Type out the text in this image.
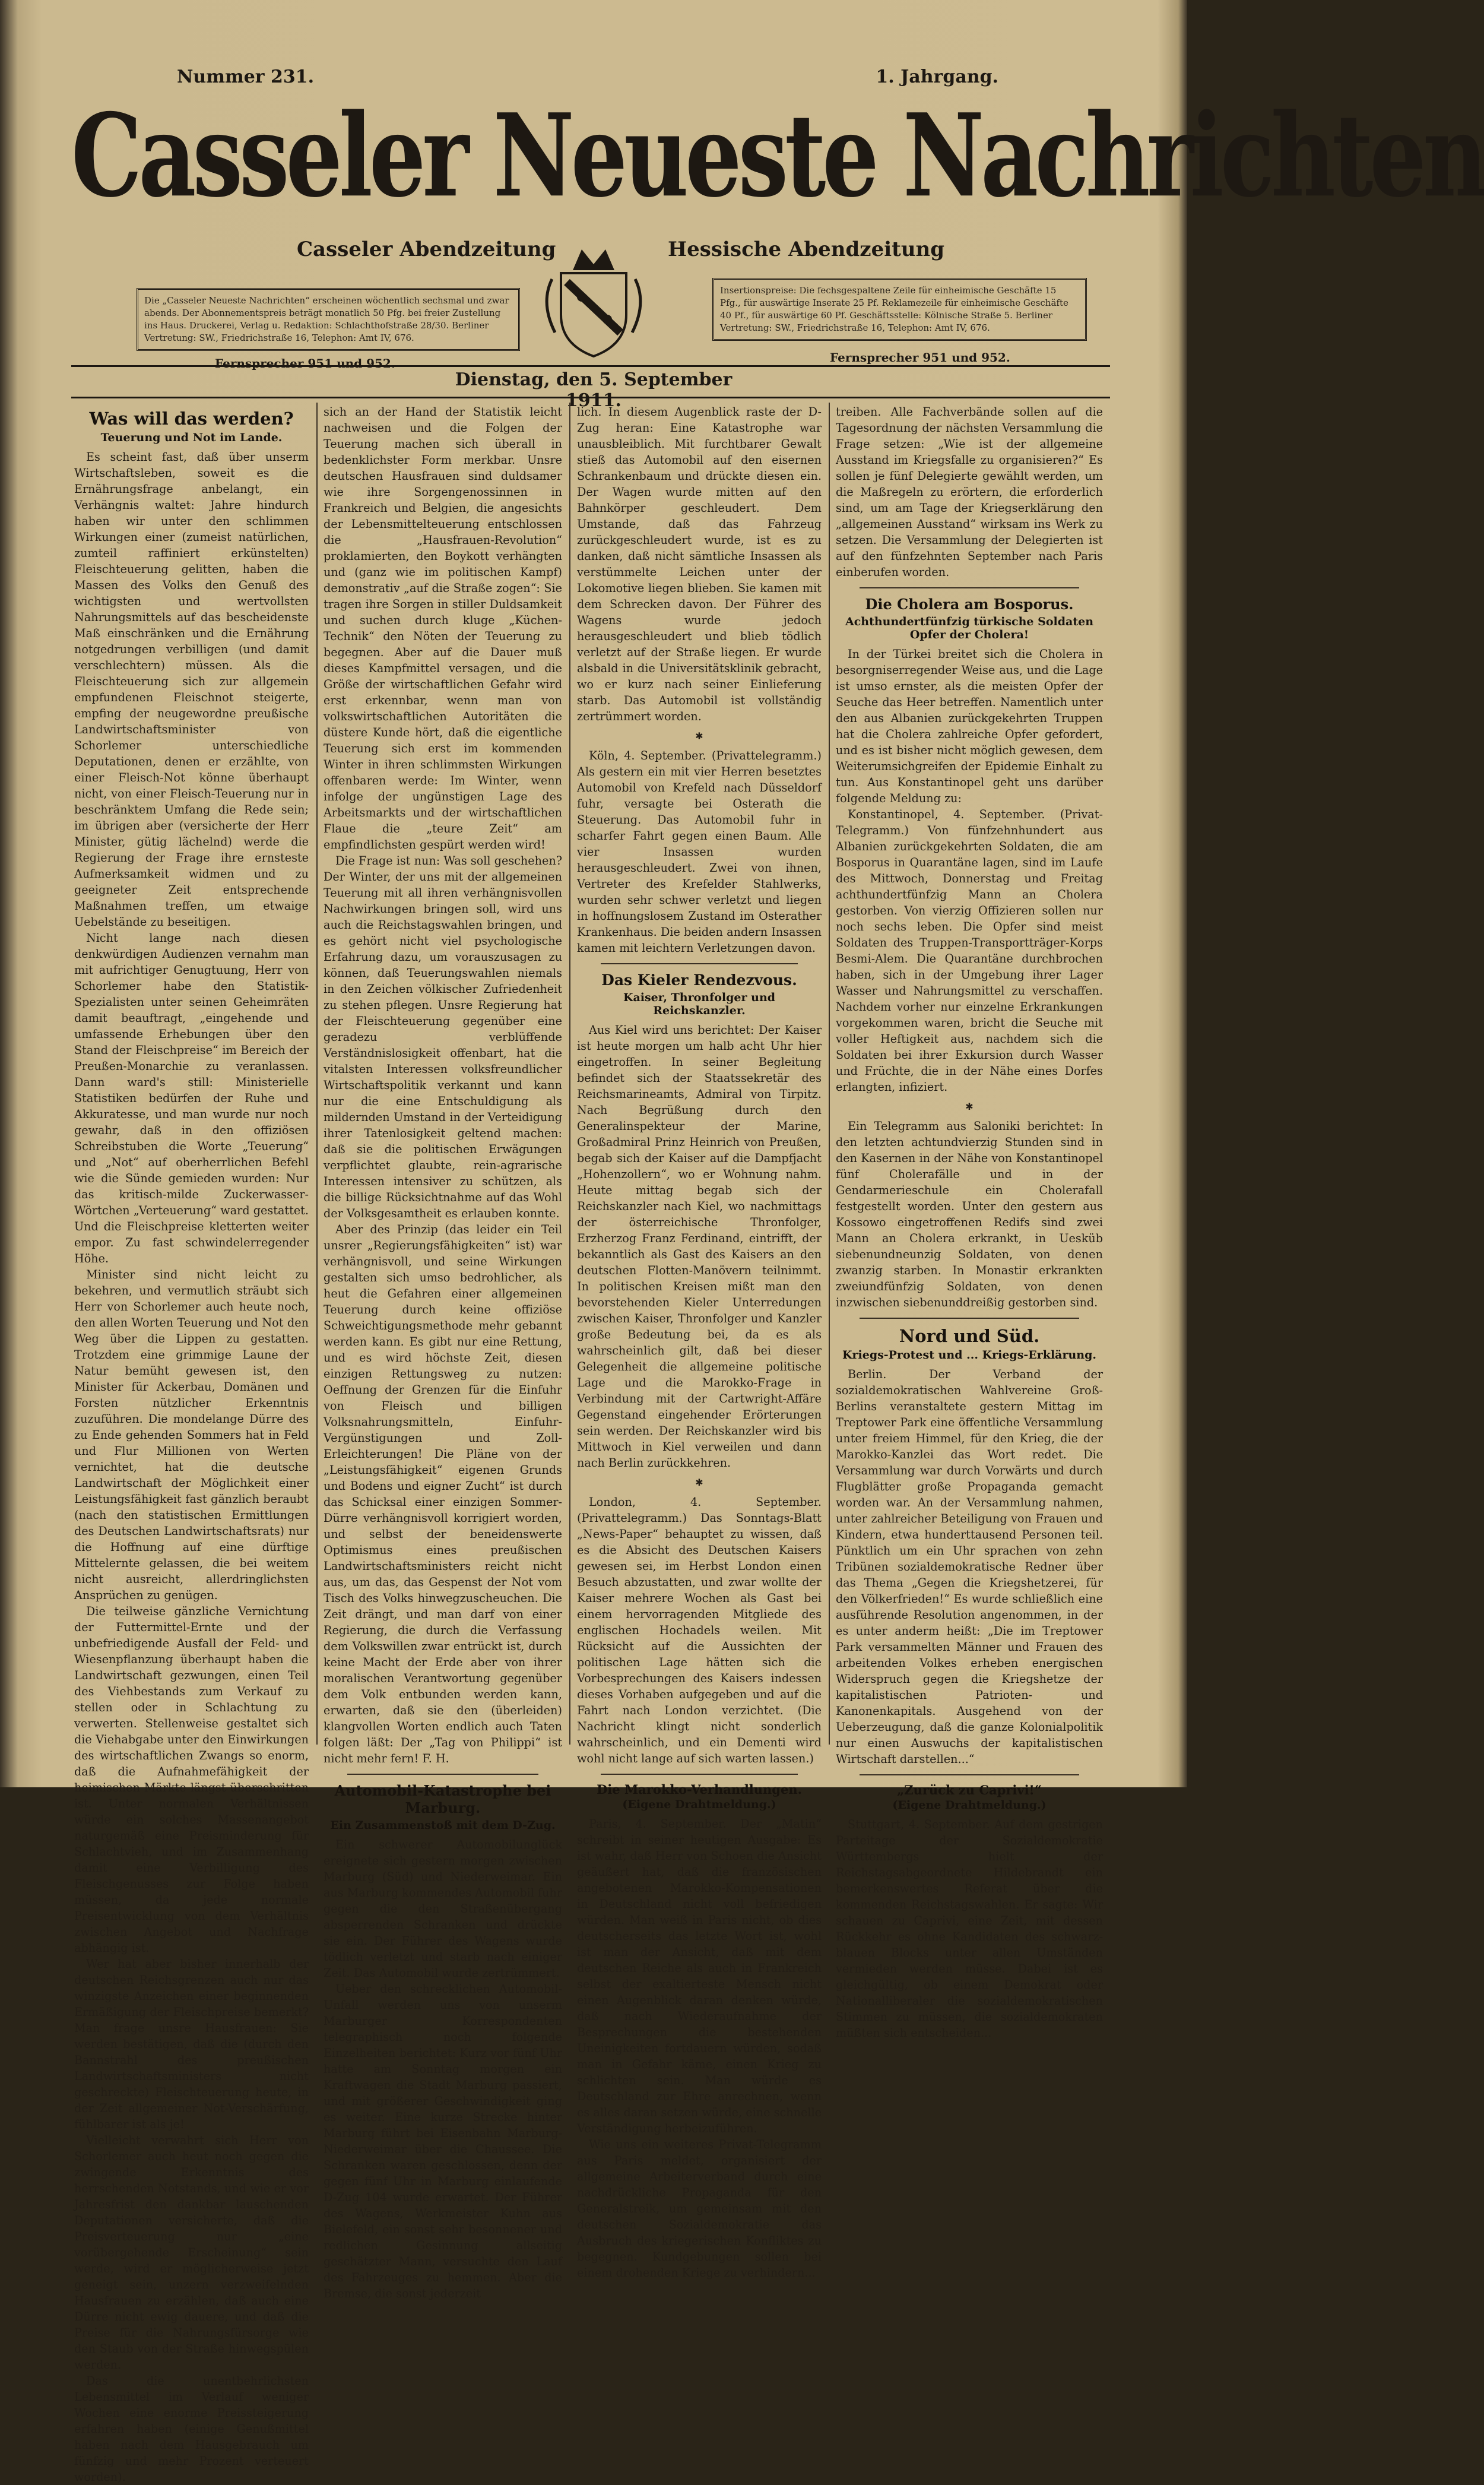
Nummer 231.	1. Jahrgang.
Casseler Neueste Nachrichten
Casseler Abendzeitung	Hessische Abendzeitung
Die „Casseler Neueste Nachrichten“ erscheinen wöchentlich sechsmal und zwar abends. Der Abonnementspreis beträgt monatlich 50 Pfg. bei freier Zustellung ins Haus. Druckerei, Verlag u. Redaktion: Schlachthofstraße 28/30. Berliner Vertretung: SW., Friedrichstraße 16, Telephon: Amt IV, 676.
Insertionspreise: Die fechsgespaltene Zeile für einheimische Geschäfte 15 Pfg., für auswärtige Inserate 25 Pf. Reklamezeile für einheimische Geschäfte 40 Pf., für auswärtige 60 Pf. Geschäftsstelle: Kölnische Straße 5. Berliner Vertretung: SW., Friedrichstraße 16, Telephon: Amt IV, 676.
Fernsprecher 951 und 952.	Fernsprecher 951 und 952.
Dienstag, den 5. September 1911.
Was will das werden?
Teuerung und Not im Lande.

Es scheint fast, daß über unserm Wirtschaftsleben, soweit es die Ernährungsfrage anbelangt, ein Verhängnis waltet: Jahre hindurch haben wir unter den schlimmen Wirkungen einer (zumeist natürlichen, zumteil raffiniert erkünstelten) Fleischteuerung gelitten, haben die Massen des Volks den Genuß des wichtigsten und wertvollsten Nahrungsmittels auf das bescheidenste Maß einschränken und die Ernährung notgedrungen verbilligen (und damit verschlechtern) müssen. Als die Fleischteuerung sich zur allgemein empfundenen Fleischnot steigerte, empfing der neugewordne preußische Landwirtschaftsminister von Schorlemer unterschiedliche Deputationen, denen er erzählte, von einer Fleisch-Not könne überhaupt nicht, von einer Fleisch-Teuerung nur in beschränktem Umfang die Rede sein; im übrigen aber (versicherte der Herr Minister, gütig lächelnd) werde die Regierung der Frage ihre ernsteste Aufmerksamkeit widmen und zu geeigneter Zeit entsprechende Maßnahmen treffen, um etwaige Uebelstände zu beseitigen.

Nicht lange nach diesen denkwürdigen Audienzen vernahm man mit aufrichtiger Genugtuung, Herr von Schorlemer habe den Statistik-Spezialisten unter seinen Geheimräten damit beauftragt, „eingehende und umfassende Erhebungen über den Stand der Fleischpreise“ im Bereich der Preußen-Monarchie zu veranlassen. Dann ward's still: Ministerielle Statistiken bedürfen der Ruhe und Akkuratesse, und man wurde nur noch gewahr, daß in den offiziösen Schreibstuben die Worte „Teuerung“ und „Not“ auf oberherrlichen Befehl wie die Sünde gemieden wurden: Nur das kritisch-milde Zuckerwasser-Wörtchen „Verteuerung“ ward gestattet. Und die Fleischpreise kletterten weiter empor. Zu fast schwindelerregender Höhe.

Minister sind nicht leicht zu bekehren, und vermutlich sträubt sich Herr von Schorlemer auch heute noch, den allen Worten Teuerung und Not den Weg über die Lippen zu gestatten. Trotzdem eine grimmige Laune der Natur bemüht gewesen ist, den Minister für Ackerbau, Domänen und Forsten nützlicher Erkenntnis zuzuführen. Die mondelange Dürre des zu Ende gehenden Sommers hat in Feld und Flur Millionen von Werten vernichtet, hat die deutsche Landwirtschaft der Möglichkeit einer Leistungsfähigkeit fast gänzlich beraubt (nach den statistischen Ermittlungen des Deutschen Landwirtschaftsrats) nur die Hoffnung auf eine dürftige Mittelernte gelassen, die bei weitem nicht ausreicht, allerdringlichsten Ansprüchen zu genügen.

Die teilweise gänzliche Vernichtung der Futtermittel-Ernte und der unbefriedigende Ausfall der Feld- und Wiesenpflanzung überhaupt haben die Landwirtschaft gezwungen, einen Teil des Viehbestands zum Verkauf zu stellen oder in Schlachtung zu verwerten. Stellenweise gestaltet sich die Viehabgabe unter den Einwirkungen des wirtschaftlichen Zwangs so enorm, daß die Aufnahmefähigkeit der heimischen Märkte längst überschritten ist. Unter normalen Verhältnissen würde ein solches Massenangebot naturgemäß eine Preisminderung für Schlachtvieh, und im Zusammenhang damit eine Verbilligung des Fleischgenusses zur Folge haben müssen, da jede normale Preisentwicklung von dem Verhältnis zwischen Angebot und Nachfrage abhängig ist.

Wer hat aber bisher innerhalb der deutschen Reichsgrenzen auch nur das winzigste Anzeichen einer beginnenden Ermäßigung der Fleischpreise bemerkt? Man frage unsre Hausfrauen: Sie werden bestätigen, daß die (durch den Bannstrahl des preußischen Landwirtschaftsministers nicht geschreckte) Fleischteuerung heute, in der Zeit allgemeiner Not-Verschärfung, fühlbarer ist als je!

Vielleicht verwahrt sich Herr von Schorlemer auch heut noch gegen die zwingende Erkenntnis des herrschenden Notstands, und wie er vor Jahresfrist den dankbar lauschenden Deputationen versicherte, daß die Preisverteuerung nur „eine vorübergehende Erscheinung“ sein werde, wird er möglicherweise jetzt geneigt sein, unzern verzweifelnden Hausfrauen zu erzählen, daß auch eine Dürre nicht ewig dauere, und daß die Preise für die Nahrungsfürsorge wie den Staub von der Straße hinwegspülen werden.

Das die unentbehrlichsten Lebensmittel im Verlauf weniger Wochen eine enorme Preissteigerung erfahren haben (einige Genußmittel haben nach dem Hausgebrauch um fünfzig und mehr Prozent verteuert worden).

sich an der Hand der Statistik leicht nachweisen und die Folgen der Teuerung machen sich überall in bedenklichster Form merkbar. Unsre deutschen Hausfrauen sind duldsamer wie ihre Sorgengenossinnen in Frankreich und Belgien, die angesichts der Lebensmittelteuerung entschlossen die „Hausfrauen-Revolution“ proklamierten, den Boykott verhängten und (ganz wie im politischen Kampf) demonstrativ „auf die Straße zogen“: Sie tragen ihre Sorgen in stiller Duldsamkeit und suchen durch kluge „Küchen-Technik“ den Nöten der Teuerung zu begegnen. Aber auf die Dauer muß dieses Kampfmittel versagen, und die Größe der wirtschaftlichen Gefahr wird erst erkennbar, wenn man von volkswirtschaftlichen Autoritäten die düstere Kunde hört, daß die eigentliche Teuerung sich erst im kommenden Winter in ihren schlimmsten Wirkungen offenbaren werde: Im Winter, wenn infolge der ungünstigen Lage des Arbeitsmarkts und der wirtschaftlichen Flaue die „teure Zeit“ am empfindlichsten gespürt werden wird!

Die Frage ist nun: Was soll geschehen? Der Winter, der uns mit der allgemeinen Teuerung mit all ihren verhängnisvollen Nachwirkungen bringen soll, wird uns auch die Reichstagswahlen bringen, und es gehört nicht viel psychologische Erfahrung dazu, um vorauszusagen zu können, daß Teuerungswahlen niemals in den Zeichen völkischer Zufriedenheit zu stehen pflegen. Unsre Regierung hat der Fleischteuerung gegenüber eine geradezu verblüffende Verständnislosigkeit offenbart, hat die vitalsten Interessen volksfreundlicher Wirtschaftspolitik verkannt und kann nur die eine Entschuldigung als mildernden Umstand in der Verteidigung ihrer Tatenlosigkeit geltend machen: daß sie die politischen Erwägungen verpflichtet glaubte, rein-agrarische Interessen intensiver zu schützen, als die billige Rücksichtnahme auf das Wohl der Volksgesamtheit es erlauben konnte.

Aber des Prinzip (das leider ein Teil unsrer „Regierungsfähigkeiten“ ist) war verhängnisvoll, und seine Wirkungen gestalten sich umso bedrohlicher, als heut die Gefahren einer allgemeinen Teuerung durch keine offiziöse Schweichtigungsmethode mehr gebannt werden kann. Es gibt nur eine Rettung, und es wird höchste Zeit, diesen einzigen Rettungsweg zu nutzen: Oeffnung der Grenzen für die Einfuhr von Fleisch und billigen Volksnahrungsmitteln, Einfuhr-Vergünstigungen und Zoll-Erleichterungen! Die Pläne von der „Leistungsfähigkeit“ eigenen Grunds und Bodens und eigner Zucht“ ist durch das Schicksal einer einzigen Sommer-Dürre verhängnisvoll korrigiert worden, und selbst der beneidenswerte Optimismus eines preußischen Landwirtschaftsministers reicht nicht aus, um das, das Gespenst der Not vom Tisch des Volks hinwegzuscheuchen. Die Zeit drängt, und man darf von einer Regierung, die durch die Verfassung dem Volkswillen zwar entrückt ist, durch keine Macht der Erde aber von ihrer moralischen Verantwortung gegenüber dem Volk entbunden werden kann, erwarten, daß sie den (überleiden) klangvollen Worten endlich auch Taten folgen läßt: Der „Tag von Philippi“ ist nicht mehr fern! F. H.

Automobil-Katastrophe bei Marburg.
Ein Zusammenstoß mit dem D-Zug.

Ein schwerer Automobilunglück ereignete sich gestern morgen zwischen Marburg (Süd) und Niederweimar. Ein aus Marburg kommendes Automobil fuhr gegen die den Straßenübergang absperrenden Schranken und drückte sie ein. Der Führer des Wagens wurde tödlich verletzt und starb nach einiger Zeit. Das Automobil wurde zertrümmert.

Ueber den schrecklichen Automobil-Unfall werden uns von unserm Marburger Korrespondenten telegraphisch noch folgende Einzelheiten berichtet: Kurz vor fünf Uhr hatte am Sonntag morgen ein Kraftwagen die Stadt Marburg passiert, und mit größerer Geschwindigkeit ging es weiter. Eine kurze Strecke hinter Marburg führt bei Eisenbahn Marburg-Niederweimar über die Chaussee. Die Schranken waren geschlossen, denn der gegen fünf Uhr in Marburg einlaufende D-Zug 104 wurde erwartet. Der Führer des Wagens, Werkmeister Kuhn aus Bielefeld, ein sonst sehr besonnener und redlichen Gesinnung allseitig geschätzter Mann, versuchte den Lauf des Fahrzeuges zu hemmen. Aber die Bremse, die sonst jederzeit

lich. In diesem Augenblick raste der D-Zug heran: Eine Katastrophe war unausbleiblich. Mit furchtbarer Gewalt stieß das Automobil auf den eisernen Schrankenbaum und drückte diesen ein. Der Wagen wurde mitten auf den Bahnkörper geschleudert. Dem Umstande, daß das Fahrzeug zurückgeschleudert wurde, ist es zu danken, daß nicht sämtliche Insassen als verstümmelte Leichen unter der Lokomotive liegen blieben. Sie kamen mit dem Schrecken davon. Der Führer des Wagens wurde jedoch herausgeschleudert und blieb tödlich verletzt auf der Straße liegen. Er wurde alsbald in die Universitätsklinik gebracht, wo er kurz nach seiner Einlieferung starb. Das Automobil ist vollständig zertrümmert worden.

✱

Köln, 4. September. (Privattelegramm.) Als gestern ein mit vier Herren besetztes Automobil von Krefeld nach Düsseldorf fuhr, versagte bei Osterath die Steuerung. Das Automobil fuhr in scharfer Fahrt gegen einen Baum. Alle vier Insassen wurden herausgeschleudert. Zwei von ihnen, Vertreter des Krefelder Stahlwerks, wurden sehr schwer verletzt und liegen in hoffnungslosem Zustand im Osterather Krankenhaus. Die beiden andern Insassen kamen mit leichtern Verletzungen davon.

Das Kieler Rendezvous.
Kaiser, Thronfolger und Reichskanzler.

Aus Kiel wird uns berichtet: Der Kaiser ist heute morgen um halb acht Uhr hier eingetroffen. In seiner Begleitung befindet sich der Staatssekretär des Reichsmarineamts, Admiral von Tirpitz. Nach Begrüßung durch den Generalinspekteur der Marine, Großadmiral Prinz Heinrich von Preußen, begab sich der Kaiser auf die Dampfjacht „Hohenzollern“, wo er Wohnung nahm. Heute mittag begab sich der Reichskanzler nach Kiel, wo nachmittags der österreichische Thronfolger, Erzherzog Franz Ferdinand, eintrifft, der bekanntlich als Gast des Kaisers an den deutschen Flotten-Manövern teilnimmt. In politischen Kreisen mißt man den bevorstehenden Kieler Unterredungen zwischen Kaiser, Thronfolger und Kanzler große Bedeutung bei, da es als wahrscheinlich gilt, daß bei dieser Gelegenheit die allgemeine politische Lage und die Marokko-Frage in Verbindung mit der Cartwright-Affäre Gegenstand eingehender Erörterungen sein werden. Der Reichskanzler wird bis Mittwoch in Kiel verweilen und dann nach Berlin zurückkehren.

✱

London, 4. September. (Privattelegramm.) Das Sonntags-Blatt „News-Paper“ behauptet zu wissen, daß es die Absicht des Deutschen Kaisers gewesen sei, im Herbst London einen Besuch abzustatten, und zwar wollte der Kaiser mehrere Wochen als Gast bei einem hervorragenden Mitgliede des englischen Hochadels weilen. Mit Rücksicht auf die Aussichten der politischen Lage hätten sich die Vorbesprechungen des Kaisers indessen dieses Vorhaben aufgegeben und auf die Fahrt nach London verzichtet. (Die Nachricht klingt nicht sonderlich wahrscheinlich, und ein Dementi wird wohl nicht lange auf sich warten lassen.)

Die Marokko-Verhandlungen.
(Eigene Drahtmeldung.)

Paris, 4. September. Der „Matin“ schreibt in seiner heutigen Ausgabe: Es ist wahr, daß Herr von Schoen die Ansicht geäußert hat, daß die französischen angebotenen Marokko-Kompensationen in Deutschland nicht voll befriedigen würden. Man weiß in Paris nicht, ob dies deutscherseits das letzte Wort ist, wohl ist man der Ansicht, daß mit dem deutschen Reiche als auch in Frankreich selbst der exaltierteste Mensch nicht einen Augenblick daran denken würde, daß nach Wiederaufnahme der Besprechungen die bestehenden Uneinigkeiten fortdauern würden, sodaß man in Gefahr käme, einen Krieg zu schlichten sein. Man würde es Deutschland zur Ehre anrechnen, wenn es alles daran setzen würde, eine schnelle Verständigung herbeizuführen.

Wie uns ein weiteres Privat-Telegramm aus Paris meldet, organisiert der allgemeine Arbeiterverband durch eine nachdrückliche Propaganda für den Generalstreik, um gemeinsam mit den deutschen Sozialdemokratie das Ausbruch des kriegerischen Konfliktes zu begegnen. Kundgebungen sollen bei einem drohenden Kriege zu verhindern...

treiben. Alle Fachverbände sollen auf die Tagesordnung der nächsten Versammlung die Frage setzen: „Wie ist der allgemeine Ausstand im Kriegsfalle zu organisieren?“ Es sollen je fünf Delegierte gewählt werden, um die Maßregeln zu erörtern, die erforderlich sind, um am Tage der Kriegserklärung den „allgemeinen Ausstand“ wirksam ins Werk zu setzen. Die Versammlung der Delegierten ist auf den fünfzehnten September nach Paris einberufen worden.

Die Cholera am Bosporus.
Achthundertfünfzig türkische Soldaten Opfer der Cholera!

In der Türkei breitet sich die Cholera in besorgniserregender Weise aus, und die Lage ist umso ernster, als die meisten Opfer der Seuche das Heer betreffen. Namentlich unter den aus Albanien zurückgekehrten Truppen hat die Cholera zahlreiche Opfer gefordert, und es ist bisher nicht möglich gewesen, dem Weiterumsichgreifen der Epidemie Einhalt zu tun. Aus Konstantinopel geht uns darüber folgende Meldung zu:

Konstantinopel, 4. September. (Privat-Telegramm.) Von fünfzehnhundert aus Albanien zurückgekehrten Soldaten, die am Bosporus in Quarantäne lagen, sind im Laufe des Mittwoch, Donnerstag und Freitag achthundertfünfzig Mann an Cholera gestorben. Von vierzig Offizieren sollen nur noch sechs leben. Die Opfer sind meist Soldaten des Truppen-Transportträger-Korps Besmi-Alem. Die Quarantäne durchbrochen haben, sich in der Umgebung ihrer Lager Wasser und Nahrungsmittel zu verschaffen. Nachdem vorher nur einzelne Erkrankungen vorgekommen waren, bricht die Seuche mit voller Heftigkeit aus, nachdem sich die Soldaten bei ihrer Exkursion durch Wasser und Früchte, die in der Nähe eines Dorfes erlangten, infiziert.

✱

Ein Telegramm aus Saloniki berichtet: In den letzten achtundvierzig Stunden sind in den Kasernen in der Nähe von Konstantinopel fünf Cholerafälle und in der Gendarmerieschule ein Cholerafall festgestellt worden. Unter den gestern aus Kossowo eingetroffenen Redifs sind zwei Mann an Cholera erkrankt, in Uesküb siebenundneunzig Soldaten, von denen zwanzig starben. In Monastir erkrankten zweiundfünfzig Soldaten, von denen inzwischen siebenunddreißig gestorben sind.

Nord und Süd.
Kriegs-Protest und ... Kriegs-Erklärung.

Berlin. Der Verband der sozialdemokratischen Wahlvereine Groß-Berlins veranstaltete gestern Mittag im Treptower Park eine öffentliche Versammlung unter freiem Himmel, für den Krieg, die der Marokko-Kanzlei das Wort redet. Die Versammlung war durch Vorwärts und durch Flugblätter große Propaganda gemacht worden war. An der Versammlung nahmen, unter zahlreicher Beteiligung von Frauen und Kindern, etwa hunderttausend Personen teil. Pünktlich um ein Uhr sprachen von zehn Tribünen sozialdemokratische Redner über das Thema „Gegen die Kriegshetzerei, für den Völkerfrieden!“ Es wurde schließlich eine ausführende Resolution angenommen, in der es unter anderm heißt: „Die im Treptower Park versammelten Männer und Frauen des arbeitenden Volkes erheben energischen Widerspruch gegen die Kriegshetze der kapitalistischen Patrioten- und Kanonenkapitals. Ausgehend von der Ueberzeugung, daß die ganze Kolonialpolitik nur einen Auswuchs der kapitalistischen Wirtschaft darstellen...“

„Zurück zu Caprivi!“
(Eigene Drahtmeldung.)

Stuttgart, 4. September. Auf dem gestrigen Parteitage der Sozialdemokratie Württembergs hielt der Reichstagsabgeordnete Hildebrandt ein bemerkenswertes Referat über die kommenden Reichstagswahlen. Er sagte: Wir schauen zu Caprivi, eine Zeit, mit dessen Rückkehr es ohne Kandidaten des schwarz-blauen Blocks unter allen Umständen vermieden werden müsse. Dabei ist es gleichgültig, ob einem Demokrat oder Nationalliberaler die sozialdemokratischen Stimmen zu müssen, die sozialdemokraten müßten sich entscheiden...
